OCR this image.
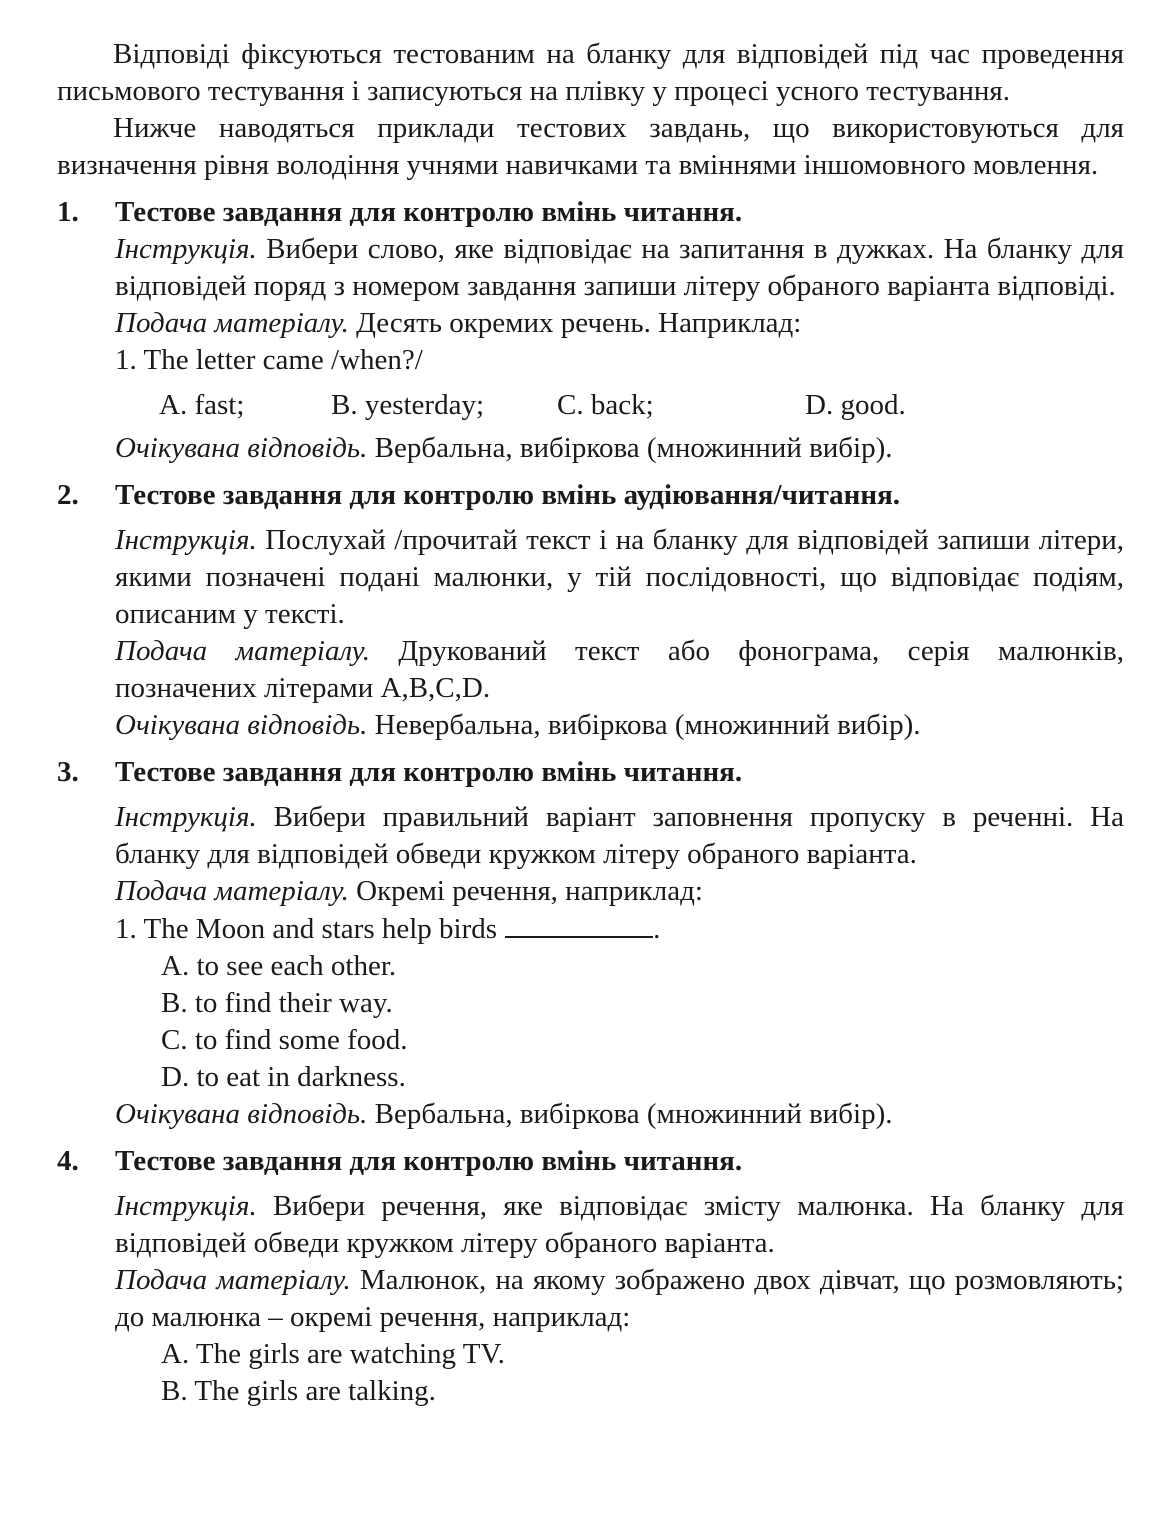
Відповіді фіксуються тестованим на бланку для відповідей під час проведення письмового тестування і записуються на плівку у процесі усного тестування.

Нижче наводяться приклади тестових завдань, що використовуються для визначення рівня володіння учнями навичками та вміннями іншомовного мовлення.

1.	Тестове завдання для контролю вмінь читання.

Інструкція. Вибери слово, яке відповідає на запитання в дужках. На бланку для відповідей поряд з номером завдання запиши літеру обраного варіанта відповіді.

Подача матеріалу. Десять окремих речень. Наприклад:

1. The letter came /when?/

A. fast;	B. yesterday;	C. back;	D. good.

Очікувана відповідь. Вербальна, вибіркова (множинний вибір).

2.	Тестове завдання для контролю вмінь аудіювання/читання.

Інструкція. Послухай /прочитай текст і на бланку для відповідей запиши літери, якими позначені подані малюнки, у тій послідовності, що відповідає подіям, описаним у тексті.

Подача матеріалу. Друкований текст або фонограма, серія малюнків, позначених літерами A,B,C,D.

Очікувана відповідь. Невербальна, вибіркова (множинний вибір).

3.	Тестове завдання для контролю вмінь читання.

Інструкція. Вибери правильний варіант заповнення пропуску в реченні. На бланку для відповідей обведи кружком літеру обраного варіанта.

Подача матеріалу. Окремі речення, наприклад:

1. The Moon and stars help birds	.

A. to see each other.
B. to find their way.
C. to find some food.
D. to eat in darkness.

Очікувана відповідь. Вербальна, вибіркова (множинний вибір).

4.	Тестове завдання для контролю вмінь читання.

Інструкція. Вибери речення, яке відповідає змісту малюнка. На бланку для відповідей обведи кружком літеру обраного варіанта.

Подача матеріалу. Малюнок, на якому зображено двох дівчат, що розмовляють; до малюнка – окремі речення, наприклад:

A. The girls are watching TV.
B. The girls are talking.
